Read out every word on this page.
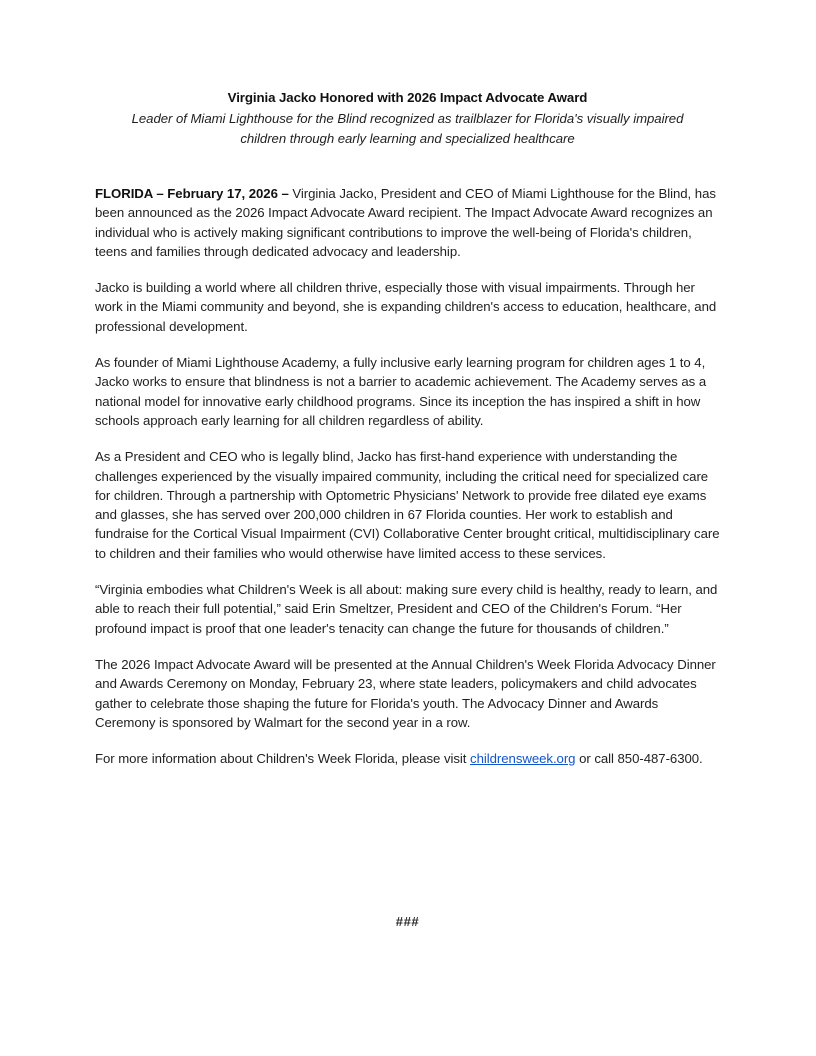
Virginia Jacko Honored with 2026 Impact Advocate Award

Leader of Miami Lighthouse for the Blind recognized as trailblazer for Florida's visually impaired children through early learning and specialized healthcare

FLORIDA – February 17, 2026 – Virginia Jacko, President and CEO of Miami Lighthouse for the Blind, has been announced as the 2026 Impact Advocate Award recipient. The Impact Advocate Award recognizes an individual who is actively making significant contributions to improve the well-being of Florida's children, teens and families through dedicated advocacy and leadership.

Jacko is building a world where all children thrive, especially those with visual impairments. Through her work in the Miami community and beyond, she is expanding children's access to education, healthcare, and professional development.

As founder of Miami Lighthouse Academy, a fully inclusive early learning program for children ages 1 to 4, Jacko works to ensure that blindness is not a barrier to academic achievement. The Academy serves as a national model for innovative early childhood programs. Since its inception the has inspired a shift in how schools approach early learning for all children regardless of ability.

As a President and CEO who is legally blind, Jacko has first-hand experience with understanding the challenges experienced by the visually impaired community, including the critical need for specialized care for children. Through a partnership with Optometric Physicians' Network to provide free dilated eye exams and glasses, she has served over 200,000 children in 67 Florida counties. Her work to establish and fundraise for the Cortical Visual Impairment (CVI) Collaborative Center brought critical, multidisciplinary care to children and their families who would otherwise have limited access to these services.

“Virginia embodies what Children's Week is all about: making sure every child is healthy, ready to learn, and able to reach their full potential,” said Erin Smeltzer, President and CEO of the Children's Forum. “Her profound impact is proof that one leader's tenacity can change the future for thousands of children.”

The 2026 Impact Advocate Award will be presented at the Annual Children's Week Florida Advocacy Dinner and Awards Ceremony on Monday, February 23, where state leaders, policymakers and child advocates gather to celebrate those shaping the future for Florida's youth. The Advocacy Dinner and Awards Ceremony is sponsored by Walmart for the second year in a row.

For more information about Children's Week Florida, please visit childrensweek.org or call 850-487-6300.

###
